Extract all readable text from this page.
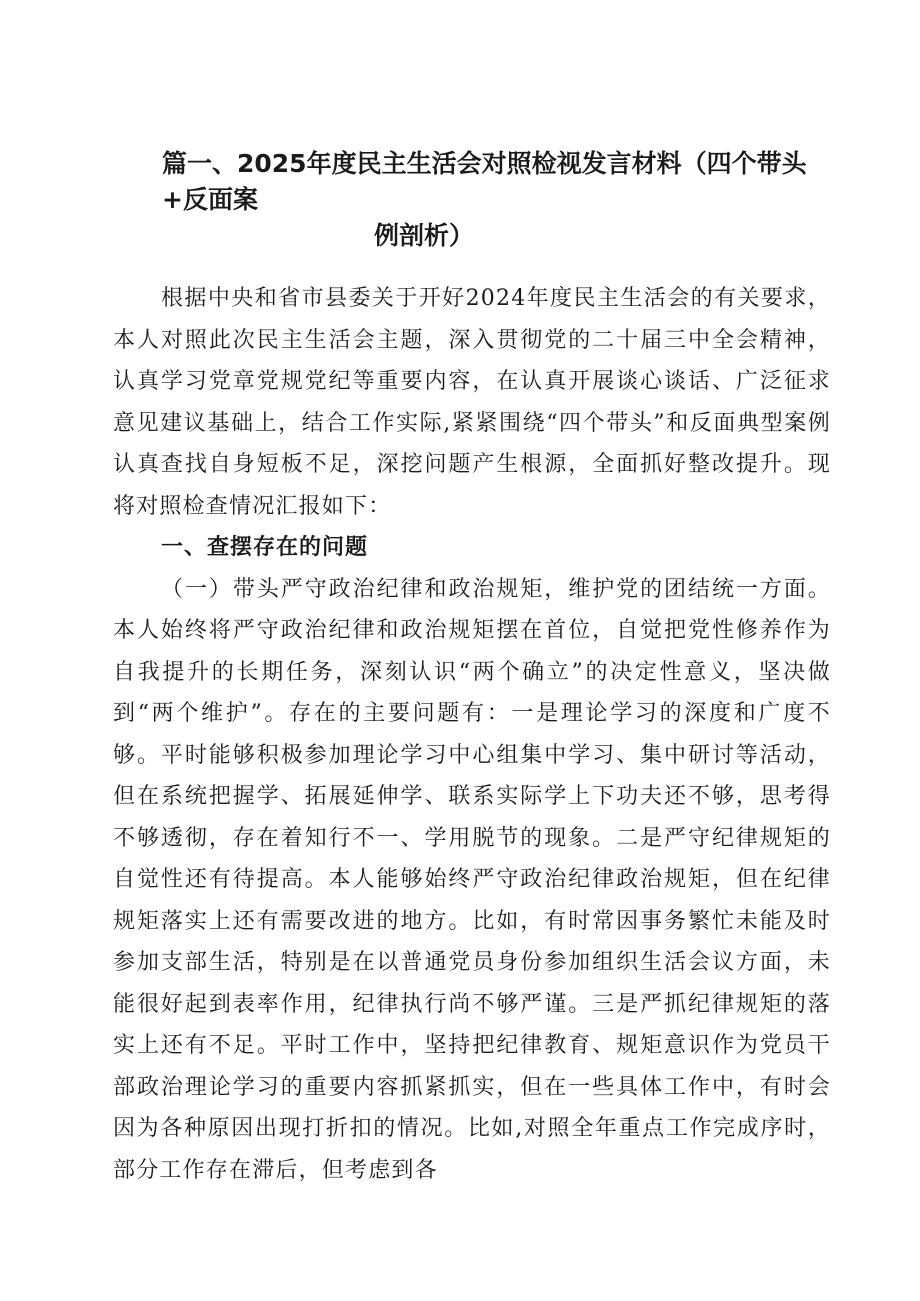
篇一、2025年度民主生活会对照检视发言材料（四个带头+反面案
例剖析）

根据中央和省市县委关于开好2024年度民主生活会的有关要求，本人对照此次民主生活会主题，深入贯彻党的二十届三中全会精神，认真学习党章党规党纪等重要内容，在认真开展谈心谈话、广泛征求意见建议基础上，结合工作实际,紧紧围绕“四个带头”和反面典型案例认真查找自身短板不足，深挖问题产生根源，全面抓好整改提升。现将对照检查情况汇报如下：

一、查摆存在的问题

（一）带头严守政治纪律和政治规矩，维护党的团结统一方面。本人始终将严守政治纪律和政治规矩摆在首位，自觉把党性修养作为自我提升的长期任务，深刻认识“两个确立”的决定性意义，坚决做到“两个维护”。存在的主要问题有：一是理论学习的深度和广度不够。平时能够积极参加理论学习中心组集中学习、集中研讨等活动，但在系统把握学、拓展延伸学、联系实际学上下功夫还不够，思考得不够透彻，存在着知行不一、学用脱节的现象。二是严守纪律规矩的自觉性还有待提高。本人能够始终严守政治纪律政治规矩，但在纪律规矩落实上还有需要改进的地方。比如，有时常因事务繁忙未能及时参加支部生活，特别是在以普通党员身份参加组织生活会议方面，未能很好起到表率作用，纪律执行尚不够严谨。三是严抓纪律规矩的落实上还有不足。平时工作中，坚持把纪律教育、规矩意识作为党员干部政治理论学习的重要内容抓紧抓实，但在一些具体工作中，有时会因为各种原因出现打折扣的情况。比如,对照全年重点工作完成序时，部分工作存在滞后，但考虑到各
